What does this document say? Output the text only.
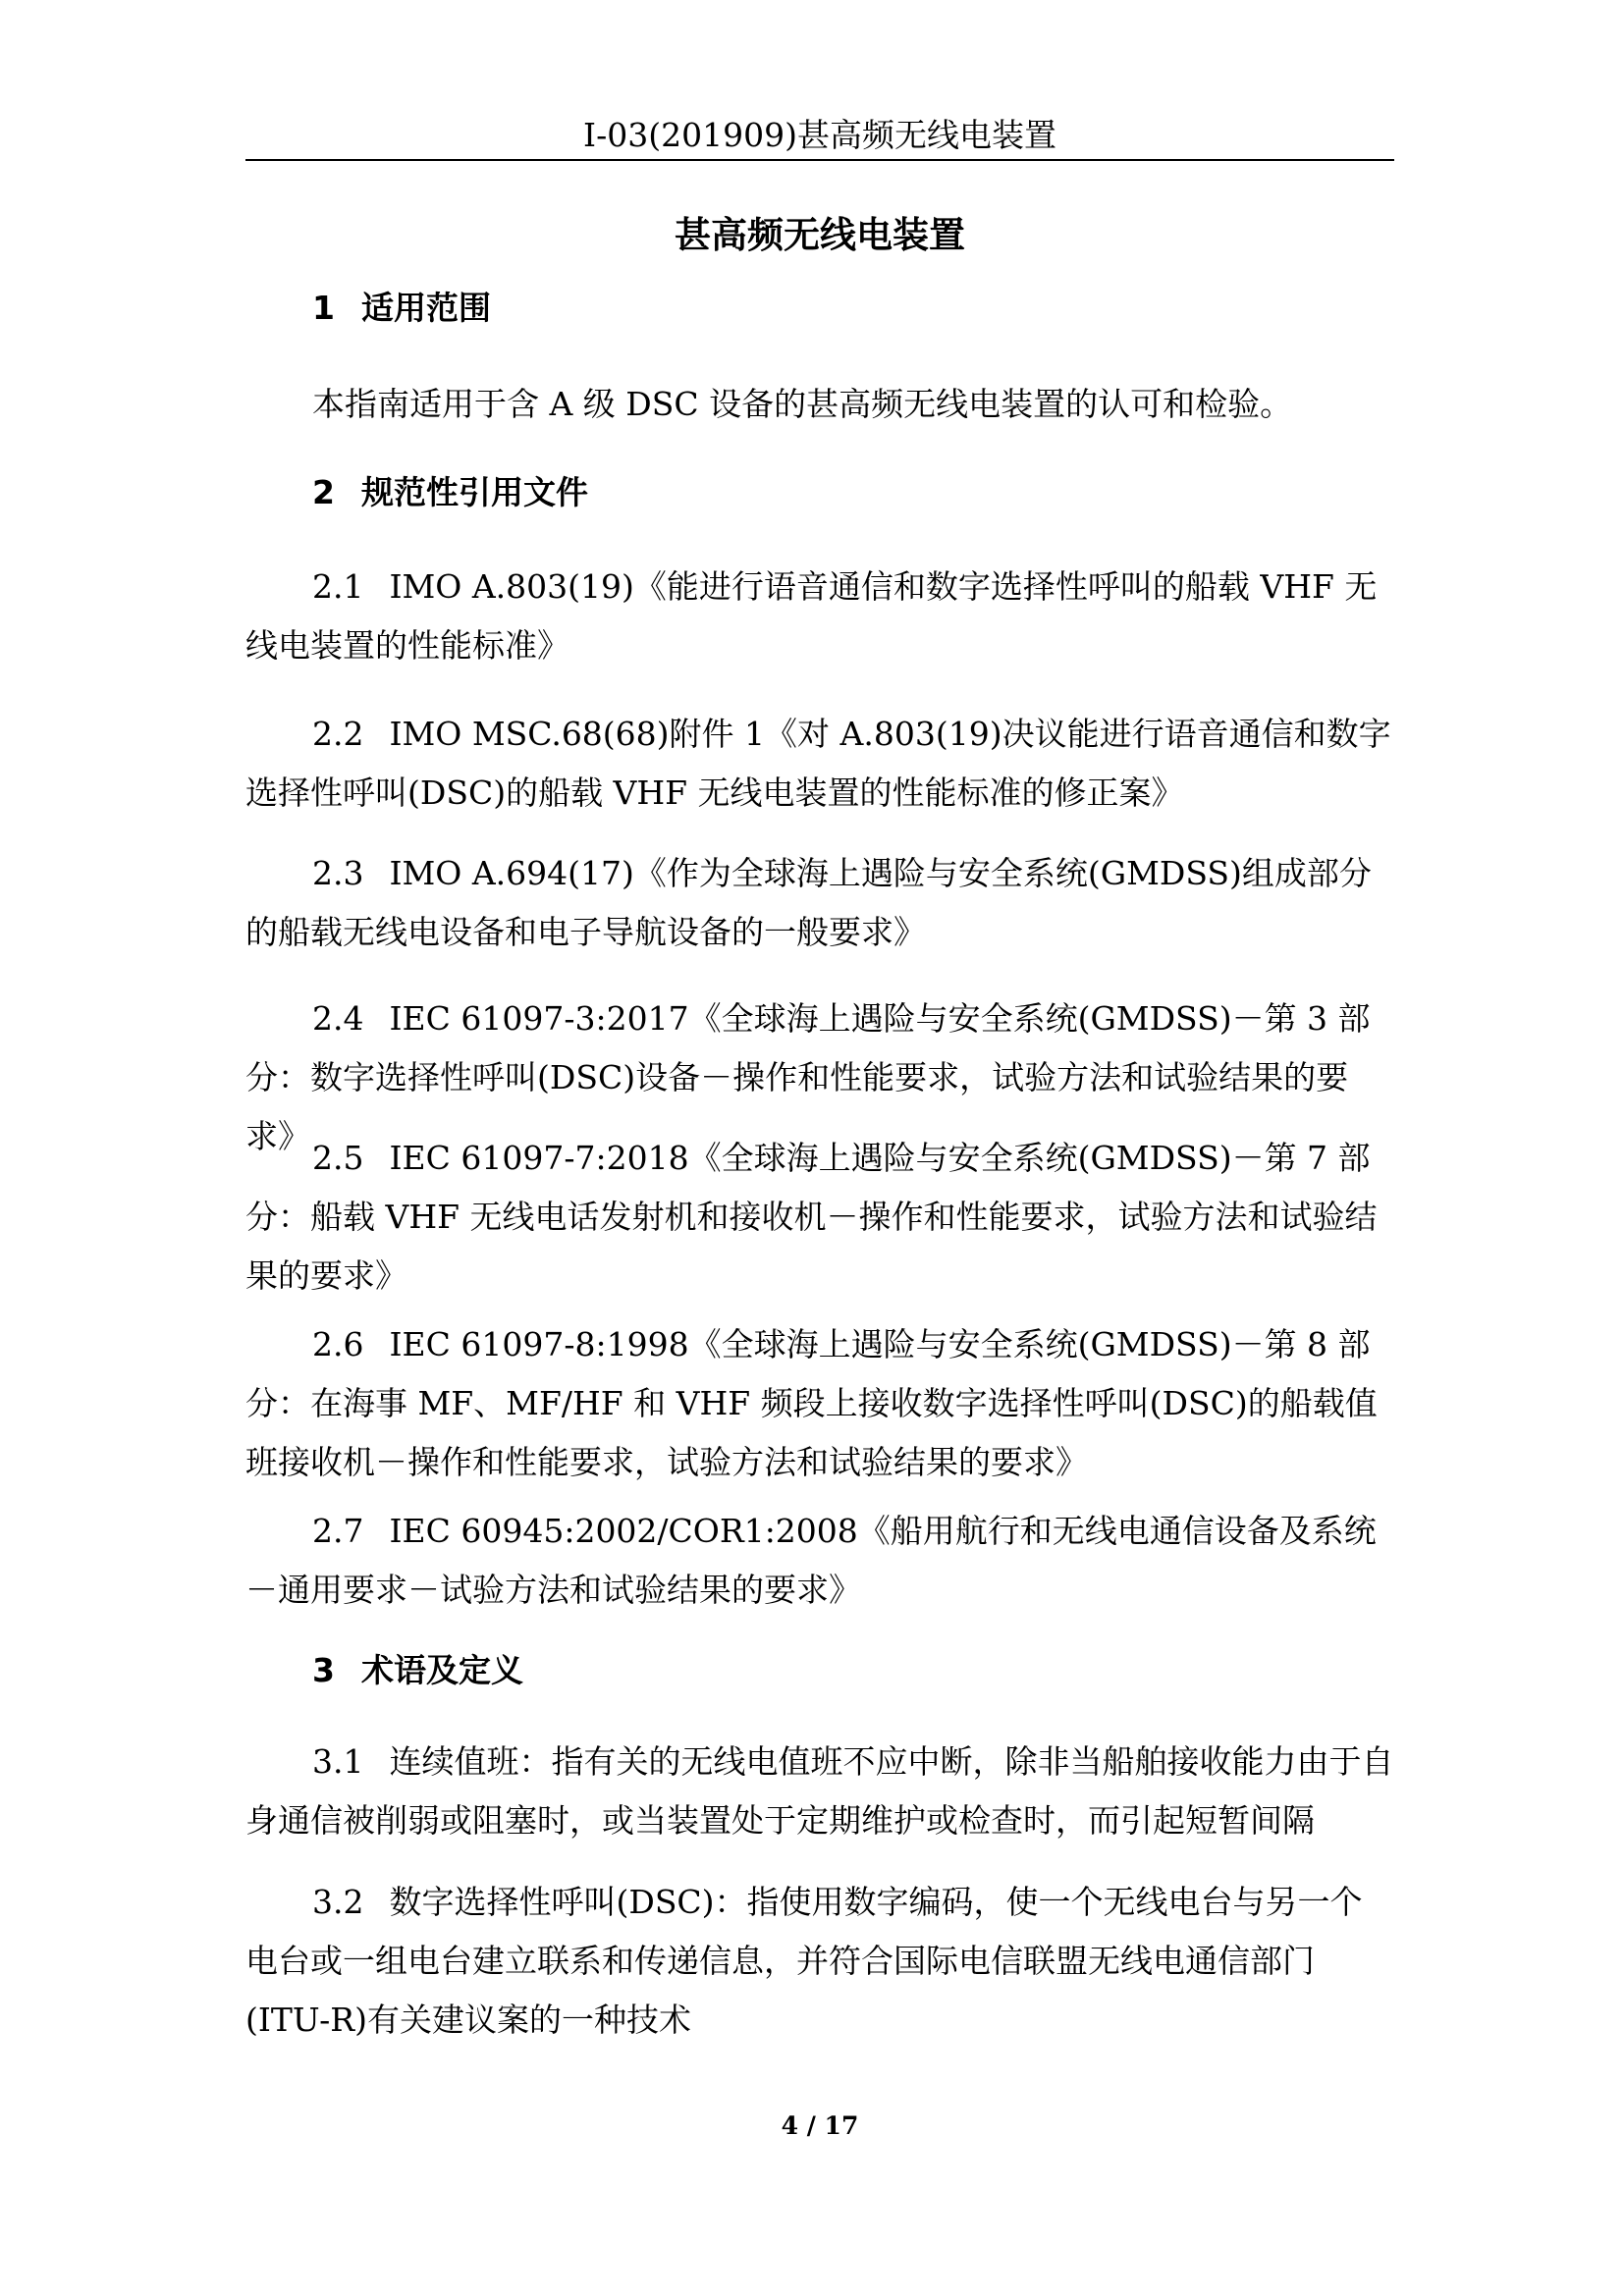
I-03(201909)甚高频无线电装置
甚高频无线电装置
1 适用范围
本指南适用于含 A 级 DSC 设备的甚高频无线电装置的认可和检验。
2 规范性引用文件
2.1 IMO A.803(19)《能进行语音通信和数字选择性呼叫的船载 VHF 无线电装置的性能标准》
2.2 IMO MSC.68(68)附件 1《对 A.803(19)决议能进行语音通信和数字选择性呼叫(DSC)的船载 VHF 无线电装置的性能标准的修正案》
2.3 IMO A.694(17)《作为全球海上遇险与安全系统(GMDSS)组成部分的船载无线电设备和电子导航设备的一般要求》
2.4 IEC 61097-3:2017《全球海上遇险与安全系统(GMDSS)－第 3 部分：数字选择性呼叫(DSC)设备－操作和性能要求，试验方法和试验结果的要求》
2.5 IEC 61097-7:2018《全球海上遇险与安全系统(GMDSS)－第 7 部分：船载 VHF 无线电话发射机和接收机－操作和性能要求，试验方法和试验结果的要求》
2.6 IEC 61097-8:1998《全球海上遇险与安全系统(GMDSS)－第 8 部分：在海事 MF、MF/HF 和 VHF 频段上接收数字选择性呼叫(DSC)的船载值班接收机－操作和性能要求，试验方法和试验结果的要求》
2.7 IEC 60945:2002/COR1:2008《船用航行和无线电通信设备及系统－通用要求－试验方法和试验结果的要求》
3 术语及定义
3.1 连续值班：指有关的无线电值班不应中断，除非当船舶接收能力由于自身通信被削弱或阻塞时，或当装置处于定期维护或检查时，而引起短暂间隔
3.2 数字选择性呼叫(DSC)：指使用数字编码，使一个无线电台与另一个电台或一组电台建立联系和传递信息，并符合国际电信联盟无线电通信部门(ITU-R)有关建议案的一种技术
4 / 17
